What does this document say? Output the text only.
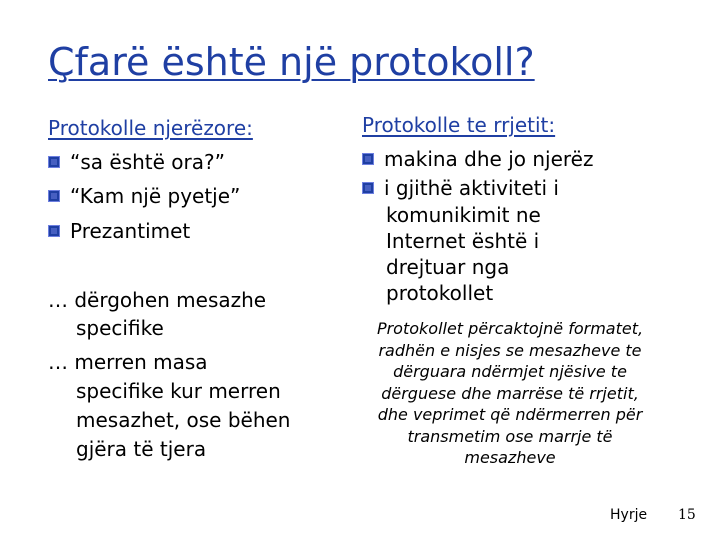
Çfarë është një protokoll?
Protokolle njerëzore:
“sa është ora?”
“Kam një pyetje”
Prezantimet
… dërgohen mesazhe
specifike
… merren masa
specifike kur merren
mesazhet, ose bëhen
gjëra të tjera
Protokolle te rrjetit:
makina dhe jo njerëz
i gjithë aktiviteti i
komunikimit ne
Internet është i
drejtuar nga
protokollet
Protokollet përcaktojnë formatet,
radhën e nisjes se mesazheve te
dërguara ndërmjet njësive te
dërguese dhe marrëse të rrjetit,
dhe veprimet që ndërmerren për
transmetim ose marrje të
mesazheve
Hyrje 15
